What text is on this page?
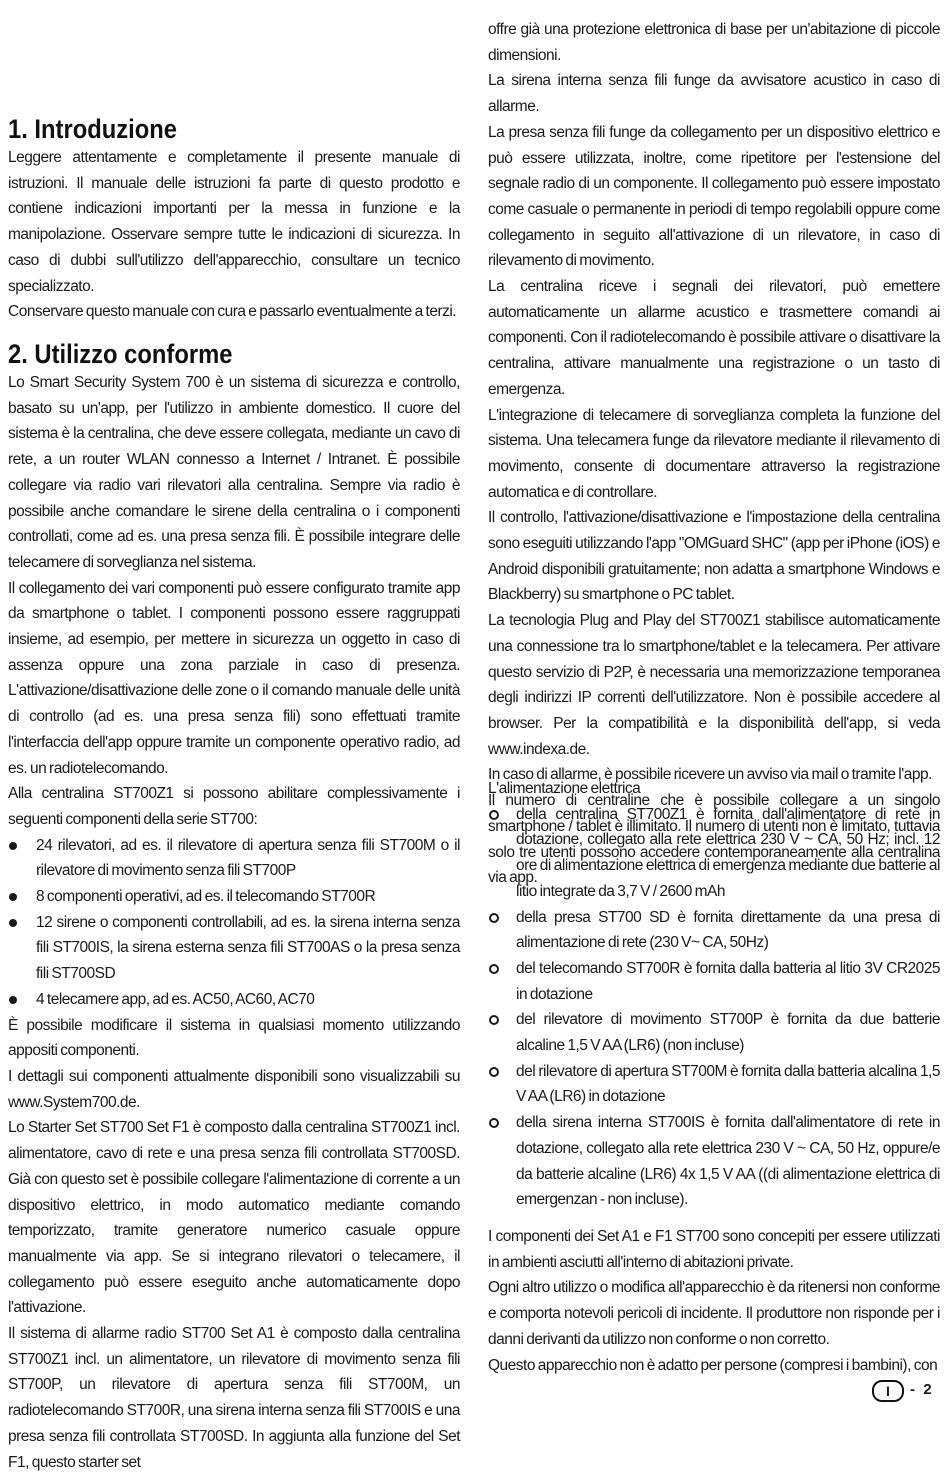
1. Introduzione

Leggere attentamente e completamente il presente manuale di istruzioni. Il manuale delle istruzioni fa parte di questo prodotto e contiene indicazioni importanti per la messa in funzione e la manipolazione. Osservare sempre tutte le indicazioni di sicurezza. In caso di dubbi sull'utilizzo dell'apparecchio, consultare un tecnico specializzato.

Conservare questo manuale con cura e passarlo eventualmente a terzi.

2. Utilizzo conforme

Lo Smart Security System 700 è un sistema di sicurezza e controllo, basato su un'app, per l'utilizzo in ambiente domestico. Il cuore del sistema è la centralina, che deve essere collegata, mediante un cavo di rete, a un router WLAN connesso a Internet / Intranet. È possibile collegare via radio vari rilevatori alla centralina. Sempre via radio è possibile anche comandare le sirene della centralina o i componenti controllati, come ad es. una presa senza fili. È possibile integrare delle telecamere di sorveglianza nel sistema.

Il collegamento dei vari componenti può essere configurato tramite app da smartphone o tablet. I componenti possono essere raggruppati insieme, ad esempio, per mettere in sicurezza un oggetto in caso di assenza oppure una zona parziale in caso di presenza. L'attivazione/disattivazione delle zone o il comando manuale delle unità di controllo (ad es. una presa senza fili) sono effettuati tramite l'interfaccia dell'app oppure tramite un componente operativo radio, ad es. un radiotelecomando.

Alla centralina ST700Z1 si possono abilitare complessivamente i seguenti componenti della serie ST700:

24 rilevatori, ad es. il rilevatore di apertura senza fili ST700M o il rilevatore di movimento senza fili ST700P
8 componenti operativi, ad es. il telecomando ST700R
12 sirene o componenti controllabili, ad es. la sirena interna senza fili ST700IS, la sirena esterna senza fili ST700AS o la presa senza fili ST700SD
4 telecamere app, ad es. AC50, AC60, AC70

È possibile modificare il sistema in qualsiasi momento utilizzando appositi componenti.

I dettagli sui componenti attualmente disponibili sono visualizzabili su www.System700.de.

Lo Starter Set ST700 Set F1 è composto dalla centralina ST700Z1 incl. alimentatore, cavo di rete e una presa senza fili controllata ST700SD. Già con questo set è possibile collegare l'alimentazione di corrente a un dispositivo elettrico, in modo automatico mediante comando temporizzato, tramite generatore numerico casuale oppure manualmente via app. Se si integrano rilevatori o telecamere, il collegamento può essere eseguito anche automaticamente dopo l'attivazione.

Il sistema di allarme radio ST700 Set A1 è composto dalla centralina ST700Z1 incl. un alimentatore, un rilevatore di movimento senza fili ST700P, un rilevatore di apertura senza fili ST700M, un radiotelecomando ST700R, una sirena interna senza fili ST700IS e una presa senza fili controllata ST700SD. In aggiunta alla funzione del Set F1, questo starter set

offre già una protezione elettronica di base per un'abitazione di piccole dimensioni.

La sirena interna senza fili funge da avvisatore acustico in caso di allarme.

La presa senza fili funge da collegamento per un dispositivo elettrico e può essere utilizzata, inoltre, come ripetitore per l'estensione del segnale radio di un componente. Il collegamento può essere impostato come casuale o permanente in periodi di tempo regolabili oppure come collegamento in seguito all'attivazione di un rilevatore, in caso di rilevamento di movimento.

La centralina riceve i segnali dei rilevatori, può emettere automaticamente un allarme acustico e trasmettere comandi ai componenti. Con il radiotelecomando è possibile attivare o disattivare la centralina, attivare manualmente una registrazione o un tasto di emergenza.

L'integrazione di telecamere di sorveglianza completa la funzione del sistema. Una telecamera funge da rilevatore mediante il rilevamento di movimento, consente di documentare attraverso la registrazione automatica e di controllare.

Il controllo, l'attivazione/disattivazione e l'impostazione della centralina sono eseguiti utilizzando l'app "OMGuard SHC" (app per iPhone (iOS) e Android disponibili gratuitamente; non adatta a smartphone Windows e Blackberry) su smartphone o PC tablet.

La tecnologia Plug and Play del ST700Z1 stabilisce automaticamente una connessione tra lo smartphone/tablet e la telecamera. Per attivare questo servizio di P2P, è necessaria una memorizzazione temporanea degli indirizzi IP correnti dell'utilizzatore. Non è possibile accedere al browser. Per la compatibilità e la disponibilità dell'app, si veda www.indexa.de.

In caso di allarme, è possibile ricevere un avviso via mail o tramite l'app.

Il numero di centraline che è possibile collegare a un singolo smartphone / tablet è illimitato. Il numero di utenti non è limitato, tuttavia solo tre utenti possono accedere contemporaneamente alla centralina via app.

L'alimentazione elettrica

della centralina ST700Z1 è fornita dall'alimentatore di rete in dotazione, collegato alla rete elettrica 230 V ~ CA, 50 Hz; incl. 12 ore di alimentazione elettrica di emergenza mediante due batterie al litio integrate da 3,7 V / 2600 mAh
della presa ST700 SD è fornita direttamente da una presa di alimentazione di rete (230 V~ CA, 50Hz)
del telecomando ST700R è fornita dalla batteria al litio 3V CR2025 in dotazione
del rilevatore di movimento ST700P è fornita da due batterie alcaline 1,5 V AA (LR6) (non incluse)
del rilevatore di apertura ST700M è fornita dalla batteria alcalina 1,5 V AA (LR6) in dotazione
della sirena interna ST700IS è fornita dall'alimentatore di rete in dotazione, collegato alla rete elettrica 230 V ~ CA, 50 Hz, oppure/e da batterie alcaline (LR6) 4x 1,5 V AA ((di alimentazione elettrica di emergenzan - non incluse).

I componenti dei Set A1 e F1 ST700 sono concepiti per essere utilizzati in ambienti asciutti all'interno di abitazioni private.

Ogni altro utilizzo o modifica all'apparecchio è da ritenersi non conforme e comporta notevoli pericoli di incidente. Il produttore non risponde per i danni derivanti da utilizzo non conforme o non corretto.

Questo apparecchio non è adatto per persone (compresi i bambini), con

I	- 2
